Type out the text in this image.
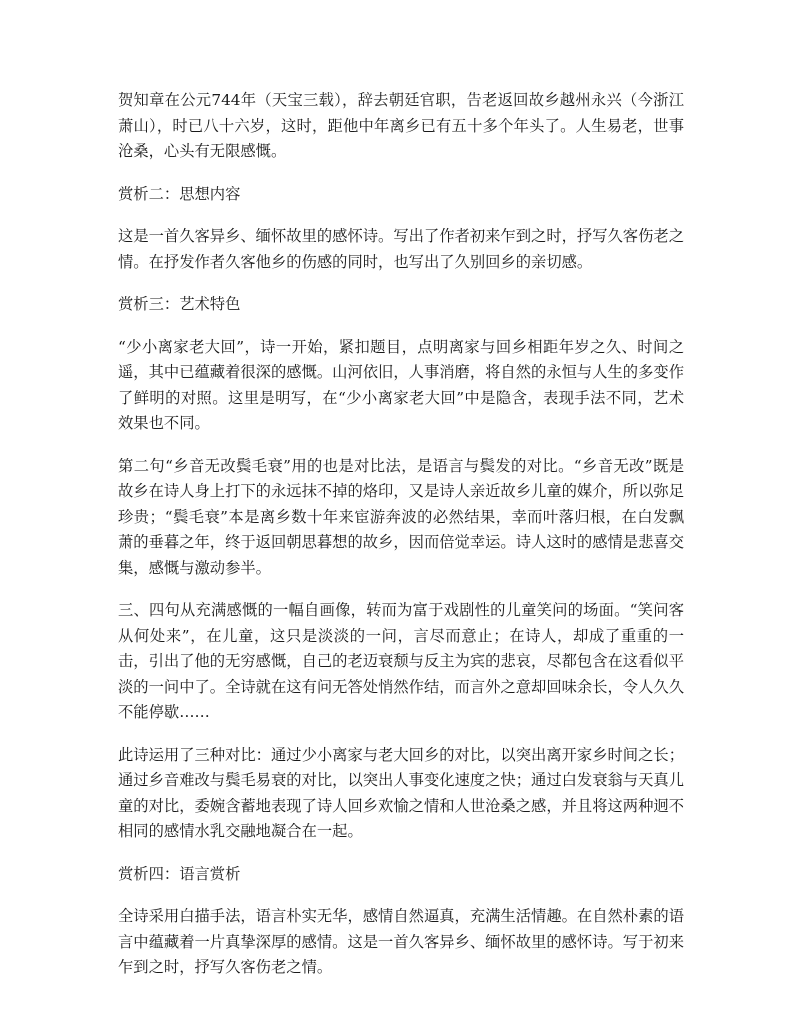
贺知章在公元744年（天宝三载），辞去朝廷官职，告老返回故乡越州永兴（今浙江萧山），时已八十六岁，这时，距他中年离乡已有五十多个年头了。人生易老，世事沧桑，心头有无限感慨。

赏析二：思想内容

这是一首久客异乡、缅怀故里的感怀诗。写出了作者初来乍到之时，抒写久客伤老之情。在抒发作者久客他乡的伤感的同时，也写出了久别回乡的亲切感。

赏析三：艺术特色

“少小离家老大回”，诗一开始，紧扣题目，点明离家与回乡相距年岁之久、时间之遥，其中已蕴藏着很深的感慨。山河依旧，人事消磨，将自然的永恒与人生的多变作了鲜明的对照。这里是明写，在“少小离家老大回”中是隐含，表现手法不同，艺术效果也不同。

第二句“乡音无改鬓毛衰”用的也是对比法，是语言与鬓发的对比。“乡音无改”既是故乡在诗人身上打下的永远抹不掉的烙印，又是诗人亲近故乡儿童的媒介，所以弥足珍贵；“鬓毛衰”本是离乡数十年来宦游奔波的必然结果，幸而叶落归根，在白发飘萧的垂暮之年，终于返回朝思暮想的故乡，因而倍觉幸运。诗人这时的感情是悲喜交集，感慨与激动参半。

三、四句从充满感慨的一幅自画像，转而为富于戏剧性的儿童笑问的场面。“笑问客从何处来”，在儿童，这只是淡淡的一问，言尽而意止；在诗人，却成了重重的一击，引出了他的无穷感慨，自己的老迈衰颓与反主为宾的悲哀，尽都包含在这看似平淡的一问中了。全诗就在这有问无答处悄然作结，而言外之意却回味余长，令人久久不能停歇……

此诗运用了三种对比：通过少小离家与老大回乡的对比，以突出离开家乡时间之长；通过乡音难改与鬓毛易衰的对比，以突出人事变化速度之快；通过白发衰翁与天真儿童的对比，委婉含蓄地表现了诗人回乡欢愉之情和人世沧桑之感，并且将这两种迥不相同的感情水乳交融地凝合在一起。

赏析四：语言赏析

全诗采用白描手法，语言朴实无华，感情自然逼真，充满生活情趣。在自然朴素的语言中蕴藏着一片真挚深厚的感情。这是一首久客异乡、缅怀故里的感怀诗。写于初来乍到之时，抒写久客伤老之情。
